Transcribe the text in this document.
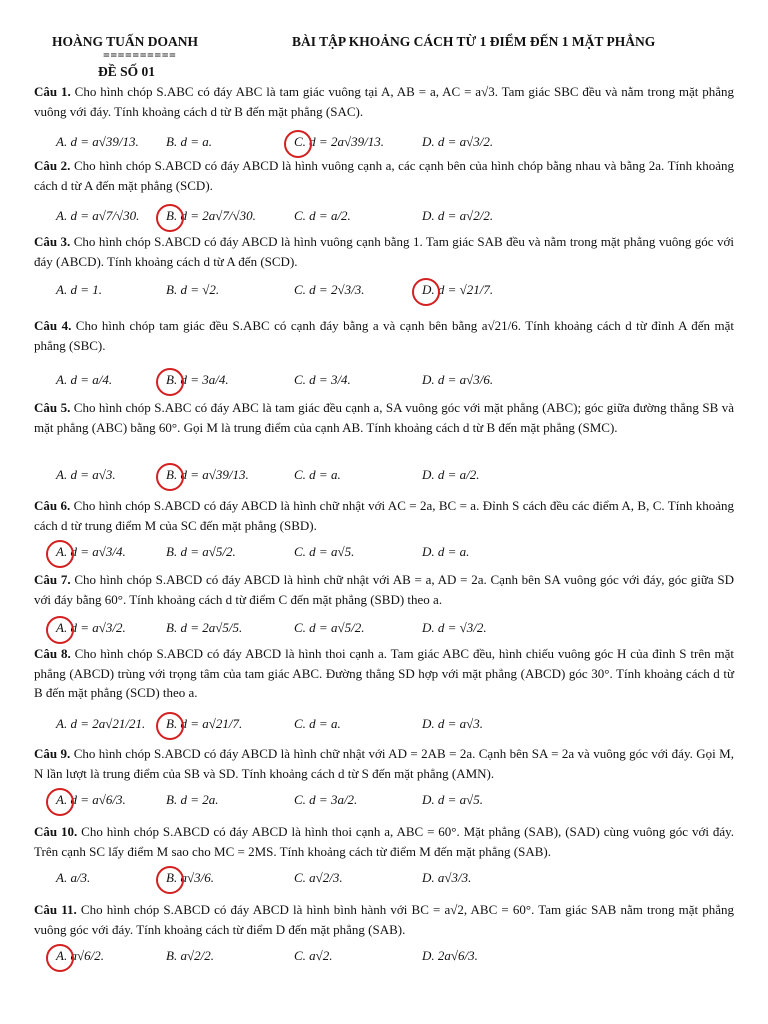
HOÀNG TUẤN DOANH	BÀI TẬP KHOẢNG CÁCH TỪ 1 ĐIỂM ĐẾN 1 MẶT PHẲNG
==========
ĐỀ SỐ 01
Câu 1. Cho hình chóp S.ABC có đáy ABC là tam giác vuông tại A, AB = a, AC = a√3. Tam giác SBC đều và nằm trong mặt phẳng vuông với đáy. Tính khoảng cách d từ B đến mặt phẳng (SAC).
A. d = a√39/13. B. d = a.	C. d = 2a√39/13.	D. d = a√3/2.
Câu 2. Cho hình chóp S.ABCD có đáy ABCD là hình vuông cạnh a, các cạnh bên của hình chóp bằng nhau và bằng 2a. Tính khoảng cách d từ A đến mặt phẳng (SCD).
A. d = a√7/√30. B. d = 2a√7/√30.	C. d = a/2.	D. d = a√2/2.
Câu 3. Cho hình chóp S.ABCD có đáy ABCD là hình vuông cạnh bằng 1. Tam giác SAB đều và nằm trong mặt phẳng vuông góc với đáy (ABCD). Tính khoảng cách d từ A đến (SCD).
A. d = 1.	B. d = √2.	C. d = 2√3/3.	D. d = √21/7.
Câu 4. Cho hình chóp tam giác đều S.ABC có cạnh đáy bằng a và cạnh bên bằng a√21/6. Tính khoảng cách d từ đỉnh A đến mặt phẳng (SBC).
A. d = a/4.	B. d = 3a/4.	C. d = 3/4.	D. d = a√3/6.
Câu 5. Cho hình chóp S.ABC có đáy ABC là tam giác đều cạnh a, SA vuông góc với mặt phẳng (ABC); góc giữa đường thẳng SB và mặt phẳng (ABC) bằng 60°. Gọi M là trung điểm của cạnh AB. Tính khoảng cách d từ B đến mặt phẳng (SMC).
A. d = a√3.	B. d = a√39/13.	C. d = a.	D. d = a/2.
Câu 6. Cho hình chóp S.ABCD có đáy ABCD là hình chữ nhật với AC = 2a, BC = a. Đỉnh S cách đều các điểm A, B, C. Tính khoảng cách d từ trung điểm M của SC đến mặt phẳng (SBD).
A. d = a√3/4.	B. d = a√5/2.	C. d = a√5.	D. d = a.
Câu 7. Cho hình chóp S.ABCD có đáy ABCD là hình chữ nhật với AB = a, AD = 2a. Cạnh bên SA vuông góc với đáy, góc giữa SD với đáy bằng 60°. Tính khoảng cách d từ điểm C đến mặt phẳng (SBD) theo a.
A. d = a√3/2.	B. d = 2a√5/5.	C. d = a√5/2.	D. d = √3/2.
Câu 8. Cho hình chóp S.ABCD có đáy ABCD là hình thoi cạnh a. Tam giác ABC đều, hình chiếu vuông góc H của đỉnh S trên mặt phẳng (ABCD) trùng với trọng tâm của tam giác ABC. Đường thẳng SD hợp với mặt phẳng (ABCD) góc 30°. Tính khoảng cách d từ B đến mặt phẳng (SCD) theo a.
A. d = 2a√21/21. B. d = a√21/7.	C. d = a.	D. d = a√3.
Câu 9. Cho hình chóp S.ABCD có đáy ABCD là hình chữ nhật với AD = 2AB = 2a. Cạnh bên SA = 2a và vuông góc với đáy. Gọi M, N lần lượt là trung điểm của SB và SD. Tính khoảng cách d từ S đến mặt phẳng (AMN).
A. d = a√6/3.	B. d = 2a.	C. d = 3a/2.	D. d = a√5.
Câu 10. Cho hình chóp S.ABCD có đáy ABCD là hình thoi cạnh a, ABC = 60°. Mặt phẳng (SAB), (SAD) cùng vuông góc với đáy. Trên cạnh SC lấy điểm M sao cho MC = 2MS. Tính khoảng cách từ điểm M đến mặt phẳng (SAB).
A. a/3.	B. a√3/6.	C. a√2/3.	D. a√3/3.
Câu 11. Cho hình chóp S.ABCD có đáy ABCD là hình bình hành với BC = a√2, ABC = 60°. Tam giác SAB nằm trong mặt phẳng vuông góc với đáy. Tính khoảng cách từ điểm D đến mặt phẳng (SAB).
A. a√6/2.	B. a√2/2.	C. a√2.	D. 2a√6/3.
